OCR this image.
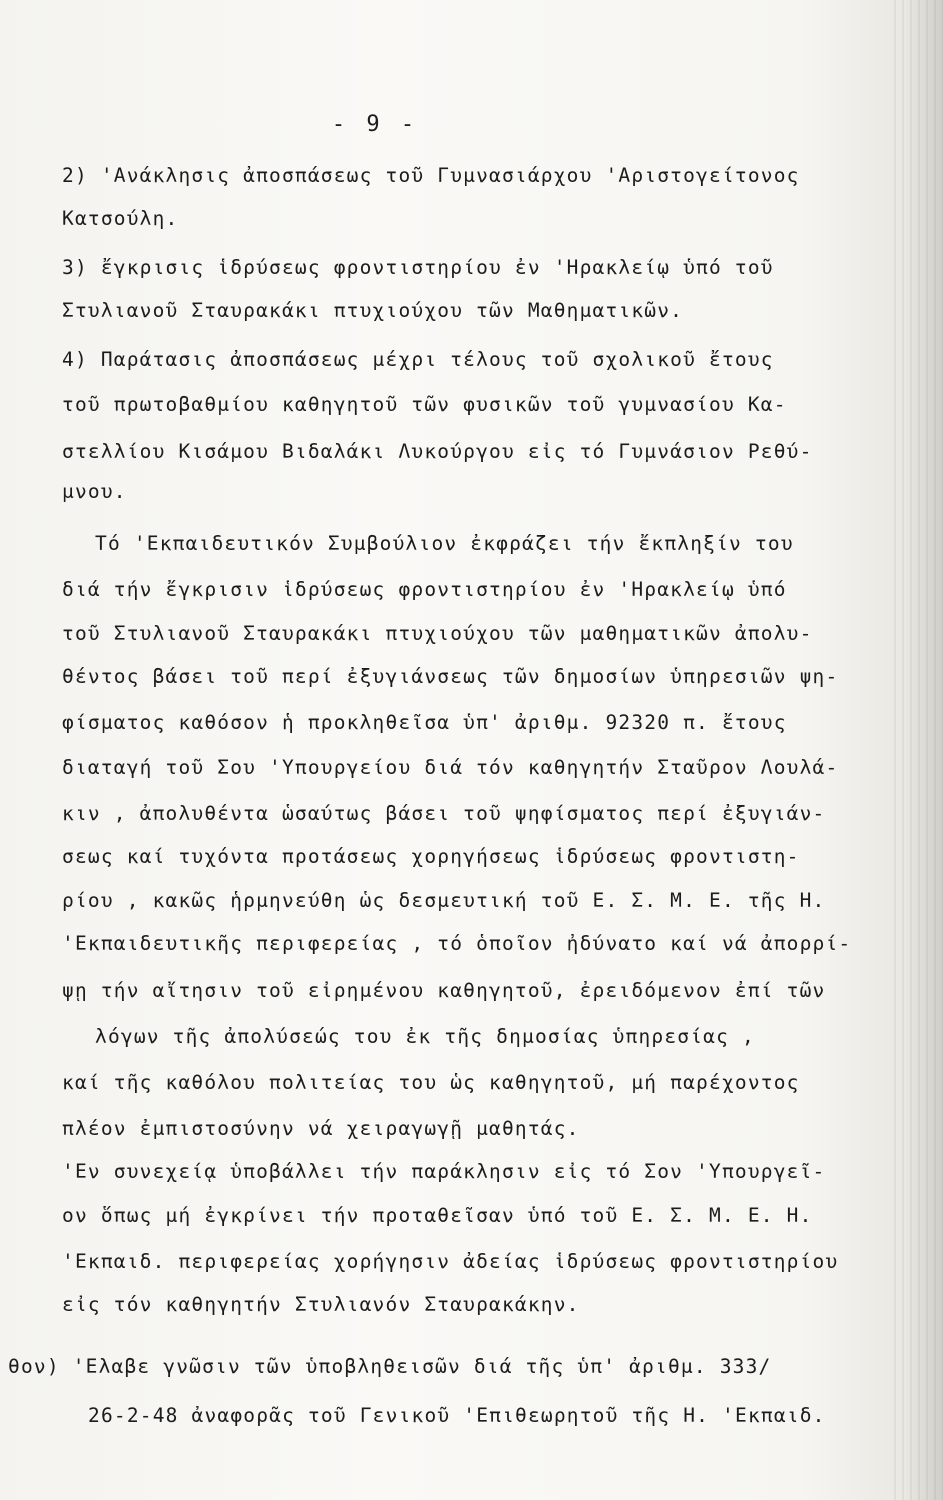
- 9 -
2) 'Ανάκλησις ἀποσπάσεως τοῦ Γυμνασιάρχου 'Αριστογείτονος
Κατσούλη.
3) ἔγκρισις ἱδρύσεως φροντιστηρίου ἐν 'Ηρακλείῳ ὑπό τοῦ
Στυλιανοῦ Σταυρακάκι πτυχιούχου τῶν Μαθηματικῶν.
4) Παράτασις ἀποσπάσεως μέχρι τέλους τοῦ σχολικοῦ ἔτους
τοῦ πρωτοβαθμίου καθηγητοῦ τῶν φυσικῶν τοῦ γυμνασίου Κα-
στελλίου Κισάμου Βιδαλάκι Λυκούργου εἰς τό Γυμνάσιον Ρεθύ-
μνου.
Τό 'Εκπαιδευτικόν Συμβούλιον ἐκφράζει τήν ἔκπληξίν του
διά τήν ἔγκρισιν ἱδρύσεως φροντιστηρίου ἐν 'Ηρακλείῳ ὑπό
τοῦ Στυλιανοῦ Σταυρακάκι πτυχιούχου τῶν μαθηματικῶν ἀπολυ-
θέντος βάσει τοῦ περί ἐξυγιάνσεως τῶν δημοσίων ὑπηρεσιῶν ψη-
φίσματος καθόσον ἡ προκληθεῖσα ὑπ' ἀριθμ. 92320 π. ἔτους
διαταγή τοῦ Σου 'Υπουργείου διά τόν καθηγητήν Σταῦρον Λουλά-
κιν , ἀπολυθέντα ὡσαύτως βάσει τοῦ ψηφίσματος περί ἐξυγιάν-
σεως καί τυχόντα προτάσεως χορηγήσεως ἱδρύσεως φροντιστη-
ρίου , κακῶς ἡρμηνεύθη ὡς δεσμευτική τοῦ Ε. Σ. Μ. Ε. τῆς Η.
'Εκπαιδευτικῆς περιφερείας , τό ὁποῖον ἠδύνατο καί νά ἀπορρί-
ψῃ τήν αἴτησιν τοῦ εἰρημένου καθηγητοῦ, ἐρειδόμενον ἐπί τῶν
λόγων τῆς ἀπολύσεώς του ἐκ τῆς δημοσίας ὑπηρεσίας ,
καί τῆς καθόλου πολιτείας του ὡς καθηγητοῦ, μή παρέχοντος
πλέον ἐμπιστοσύνην νά χειραγωγῇ μαθητάς.
'Εν συνεχείᾳ ὑποβάλλει τήν παράκλησιν εἰς τό Σον 'Υπουργεῖ-
ον ὅπως μή ἐγκρίνει τήν προταθεῖσαν ὑπό τοῦ Ε. Σ. Μ. Ε. Η.
'Εκπαιδ. περιφερείας χορήγησιν ἀδείας ἱδρύσεως φροντιστηρίου
εἰς τόν καθηγητήν Στυλιανόν Σταυρακάκην.
θον) 'Ελαβε γνῶσιν τῶν ὑποβληθεισῶν διά τῆς ὑπ' ἀριθμ. 333/
26-2-48 ἀναφορᾶς τοῦ Γενικοῦ 'Επιθεωρητοῦ τῆς Η. 'Εκπαιδ.
